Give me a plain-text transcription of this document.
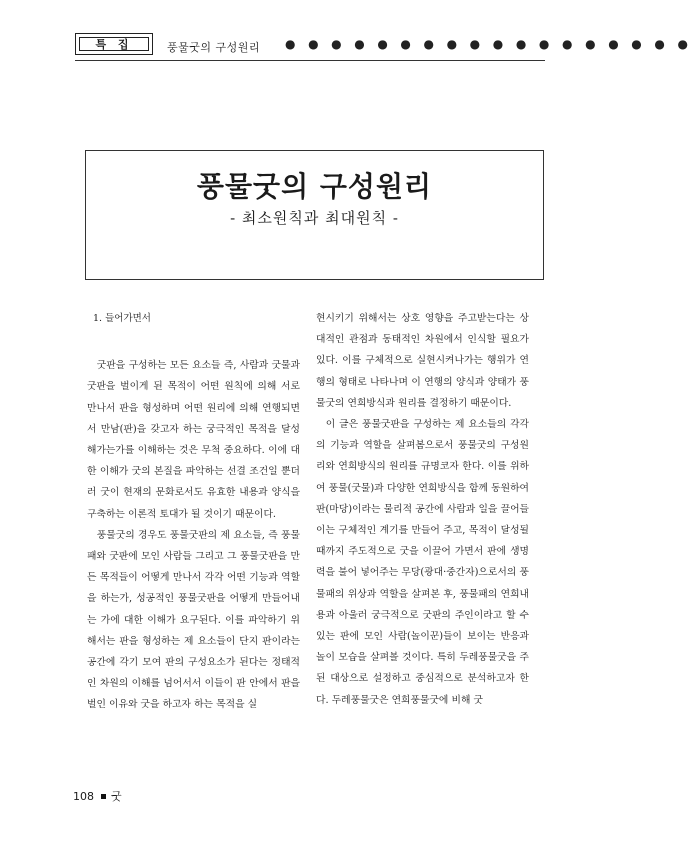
특 집	풍물굿의 구성원리 ● ● ● ● ● ● ● ● ● ● ● ● ● ● ● ● ● ●
풍물굿의 구성원리
- 최소원칙과 최대원칙 -

1. 들어가면서

굿판을 구성하는 모든 요소들 즉, 사람과 굿물과 굿판을 벌이게 된 목적이 어떤 원칙에 의해 서로 만나서 판을 형성하며 어떤 원리에 의해 연행되면서 만남(판)을 갖고자 하는 궁극적인 목적을 달성해가는가를 이해하는 것은 무척 중요하다. 이에 대한 이해가 굿의 본질을 파악하는 선결 조건일 뿐더러 굿이 현재의 문화로서도 유효한 내용과 양식을 구축하는 이론적 토대가 될 것이기 때문이다.

풍물굿의 경우도 풍물굿판의 제 요소들, 즉 풍물패와 굿판에 모인 사람들 그리고 그 풍물굿판을 만든 목적들이 어떻게 만나서 각각 어떤 기능과 역할을 하는가, 성공적인 풍물굿판을 어떻게 만들어내는 가에 대한 이해가 요구된다. 이를 파악하기 위해서는 판을 형성하는 제 요소들이 단지 판이라는 공간에 각기 모여 판의 구성요소가 된다는 정태적인 차원의 이해를 넘어서서 이들이 판 안에서 판을 벌인 이유와 굿을 하고자 하는 목적을 실

현시키기 위해서는 상호 영향을 주고받는다는 상대적인 관점과 동태적인 차원에서 인식할 필요가 있다. 이를 구체적으로 실현시켜나가는 행위가 연행의 형태로 나타나며 이 연행의 양식과 양태가 풍물굿의 연희방식과 원리를 결정하기 때문이다.

이 글은 풍물굿판을 구성하는 제 요소들의 각각의 기능과 역할을 살펴봄으로서 풍물굿의 구성원리와 연희방식의 원리를 규명코자 한다. 이를 위하여 풍물(굿물)과 다양한 연희방식을 함께 동원하여 판(마당)이라는 물리적 공간에 사람과 일을 끌어들이는 구체적인 계기를 만들어 주고, 목적이 달성될 때까지 주도적으로 굿을 이끌어 가면서 판에 생명력을 불어 넣어주는 무당(광대·중간자)으로서의 풍물패의 위상과 역할을 살펴본 후, 풍물패의 연희내용과 아울러 궁극적으로 굿판의 주인이라고 할 수 있는 판에 모인 사람(놀이꾼)들이 보이는 반응과 놀이 모습을 살펴볼 것이다. 특히 두레풍물굿을 주된 대상으로 설정하고 중심적으로 분석하고자 한다. 두레풍물굿은 연희풍물굿에 비해 굿

108 굿
